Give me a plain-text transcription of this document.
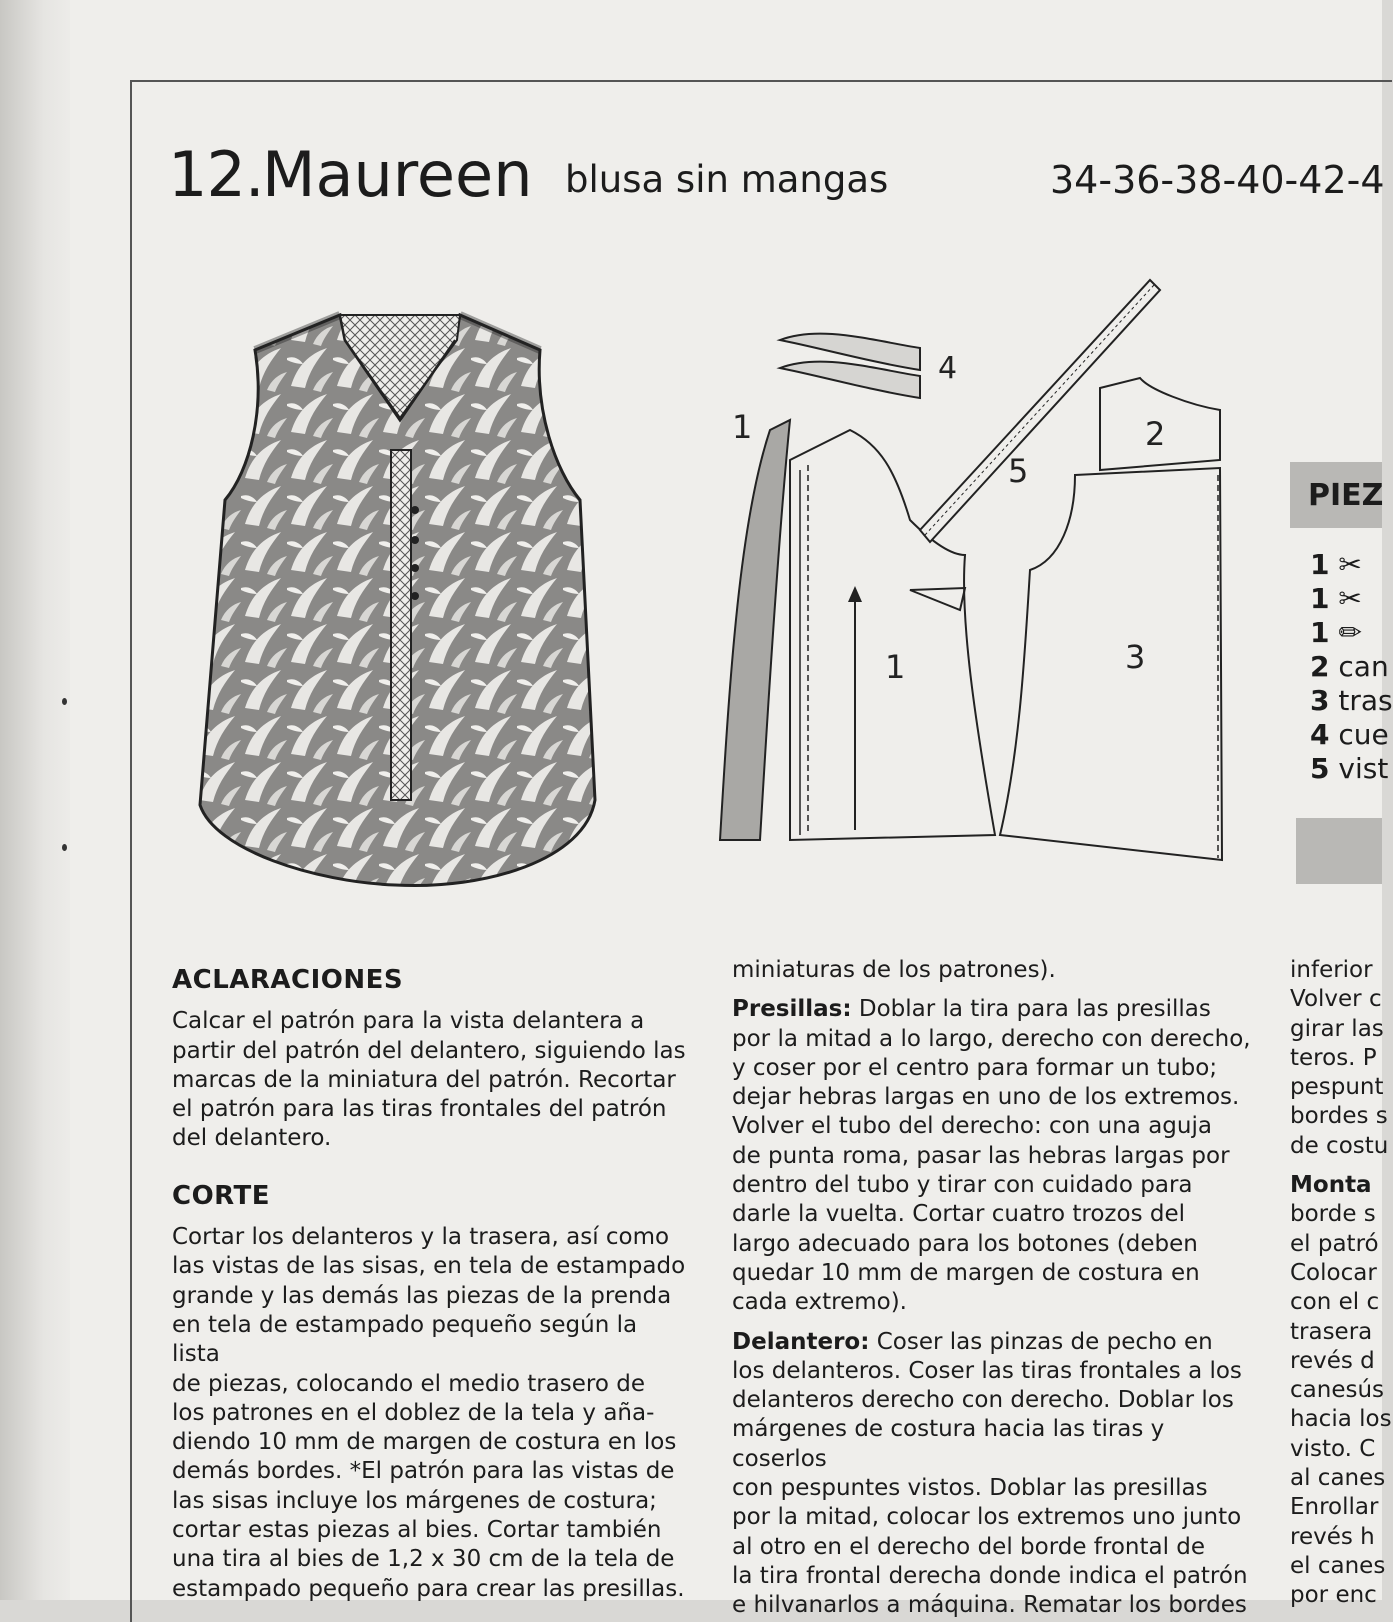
12.
Maureen blusa sin mangas	34-36-38-40-42-4
4
1
1
5
2
3
PIEZ
1 ✂
1 ✂
1 ✏
2 can
3 tras
4 cue
5 vist
ACLARACIONES

Calcar el patrón para la vista delantera a

partir del patrón del delantero, siguiendo las

marcas de la miniatura del patrón. Recortar

el patrón para las tiras frontales del patrón

del delantero.

CORTE

Cortar los delanteros y la trasera, así como

las vistas de las sisas, en tela de estampado

grande y las demás las piezas de la prenda

en tela de estampado pequeño según la lista

de piezas, colocando el medio trasero de

los patrones en el doblez de la tela y aña-

diendo 10 mm de margen de costura en los

demás bordes. *El patrón para las vistas de

las sisas incluye los márgenes de costura;

cortar estas piezas al bies. Cortar también

una tira al bies de 1,2 x 30 cm de la tela de

estampado pequeño para crear las presillas.

miniaturas de los patrones).

Presillas: Doblar la tira para las presillas

por la mitad a lo largo, derecho con derecho,

y coser por el centro para formar un tubo;

dejar hebras largas en uno de los extremos.

Volver el tubo del derecho: con una aguja

de punta roma, pasar las hebras largas por

dentro del tubo y tirar con cuidado para

darle la vuelta. Cortar cuatro trozos del

largo adecuado para los botones (deben

quedar 10 mm de margen de costura en

cada extremo).

Delantero: Coser las pinzas de pecho en

los delanteros. Coser las tiras frontales a los

delanteros derecho con derecho. Doblar los

márgenes de costura hacia las tiras y coserlos

con pespuntes vistos. Doblar las presillas

por la mitad, colocar los extremos uno junto

al otro en el derecho del borde frontal de

la tira frontal derecha donde indica el patrón

e hilvanarlos a máquina. Rematar los bordes

inferior

Volver c

girar las

teros. P

pespunt

bordes s

de costu

Monta

borde s

el patró

Colocar

con el c

trasera

revés d

canesús

hacia los

visto. C

al canes

Enrollar

revés h

el canes

por enc
